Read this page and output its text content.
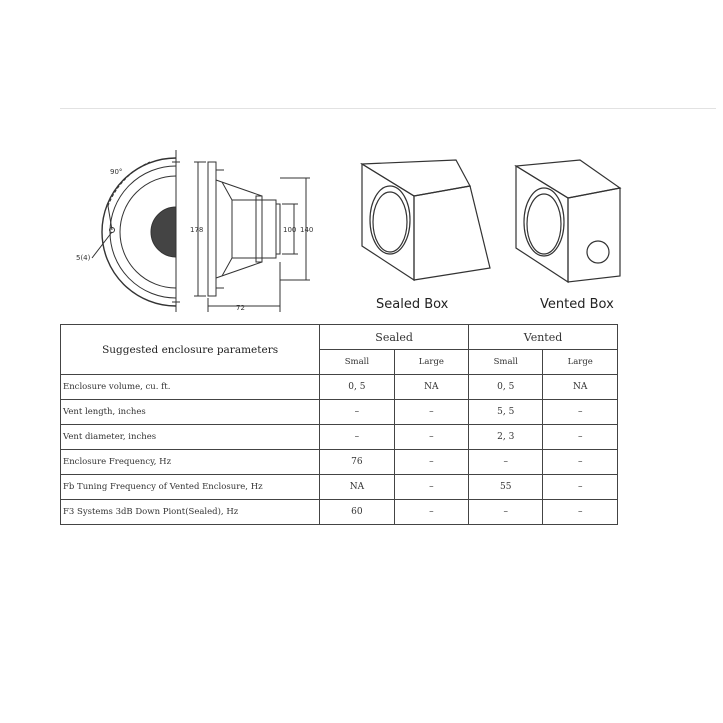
90°
5(4)
178	100 140
72	Sealed Box	Vented Box
Suggested enclosure parameters	Sealed		Vented	
	Small	Large	Small	Large
Enclosure volume, cu. ft.	0, 5	NA	0, 5	NA
Vent length, inches	–	–	5, 5	–
Vent diameter, inches	–	–	2, 3	–
Enclosure Frequency, Hz	76	–	–	–
Fb Tuning Frequency of Vented Enclosure, Hz	NA	–	55	–
F3 Systems 3dB Down Piont(Sealed), Hz	60	–	–	–
